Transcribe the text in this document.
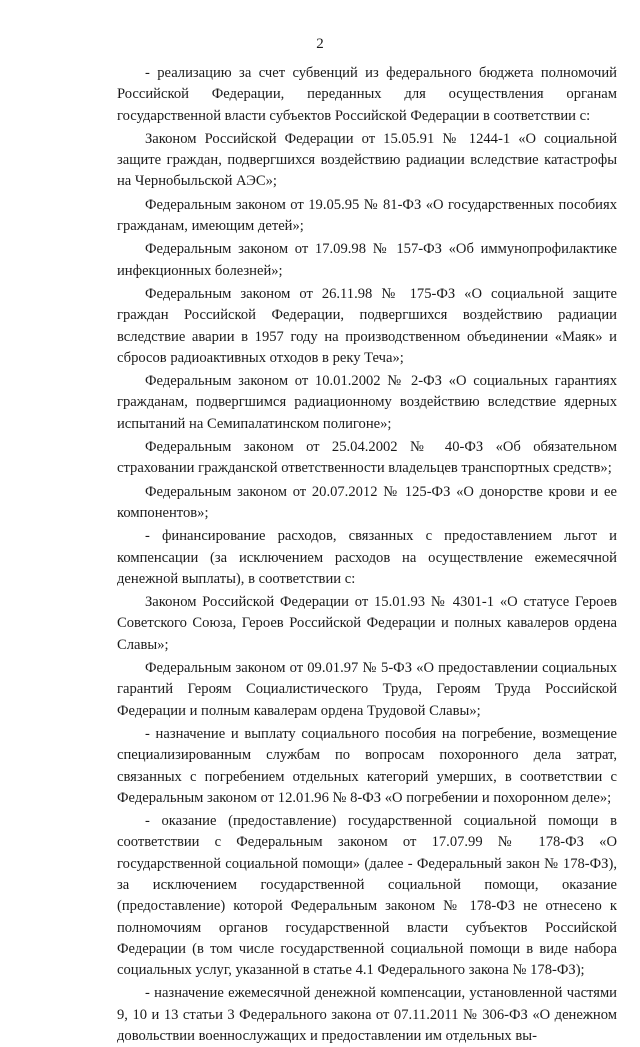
2

- реализацию за счет субвенций из федерального бюджета полномочий Российской Федерации, переданных для осуществления органам государственной власти субъектов Российской Федерации в соответствии с:

Законом Российской Федерации от 15.05.91 № 1244-1 «О социальной защите граждан, подвергшихся воздействию радиации вследствие катастрофы на Чернобыльской АЭС»;

Федеральным законом от 19.05.95 № 81-ФЗ «О государственных пособиях гражданам, имеющим детей»;

Федеральным законом от 17.09.98 № 157-ФЗ «Об иммунопрофилактике инфекционных болезней»;

Федеральным законом от 26.11.98 № 175-ФЗ «О социальной защите граждан Российской Федерации, подвергшихся воздействию радиации вследствие аварии в 1957 году на производственном объединении «Маяк» и сбросов радиоактивных отходов в реку Теча»;

Федеральным законом от 10.01.2002 № 2-ФЗ «О социальных гарантиях гражданам, подвергшимся радиационному воздействию вследствие ядерных испытаний на Семипалатинском полигоне»;

Федеральным законом от 25.04.2002 № 40-ФЗ «Об обязательном страховании гражданской ответственности владельцев транспортных средств»;

Федеральным законом от 20.07.2012 № 125-ФЗ «О донорстве крови и ее компонентов»;

- финансирование расходов, связанных с предоставлением льгот и компенсации (за исключением расходов на осуществление ежемесячной денежной выплаты), в соответствии с:

Законом Российской Федерации от 15.01.93 № 4301-1 «О статусе Героев Советского Союза, Героев Российской Федерации и полных кавалеров ордена Славы»;

Федеральным законом от 09.01.97 № 5-ФЗ «О предоставлении социальных гарантий Героям Социалистического Труда, Героям Труда Российской Федерации и полным кавалерам ордена Трудовой Славы»;

- назначение и выплату социального пособия на погребение, возмещение специализированным службам по вопросам похоронного дела затрат, связанных с погребением отдельных категорий умерших, в соответствии с Федеральным законом от 12.01.96 № 8-ФЗ «О погребении и похоронном деле»;

- оказание (предоставление) государственной социальной помощи в соответствии с Федеральным законом от 17.07.99 № 178-ФЗ «О государственной социальной помощи» (далее - Федеральный закон № 178-ФЗ), за исключением государственной социальной помощи, оказание (предоставление) которой Федеральным законом № 178-ФЗ не отнесено к полномочиям органов государственной власти субъектов Российской Федерации (в том числе государственной социальной помощи в виде набора социальных услуг, указанной в статье 4.1 Федерального закона № 178-ФЗ);

- назначение ежемесячной денежной компенсации, установленной частями 9, 10 и 13 статьи 3 Федерального закона от 07.11.2011 № 306-ФЗ «О денежном довольствии военнослужащих и предоставлении им отдельных вы-
